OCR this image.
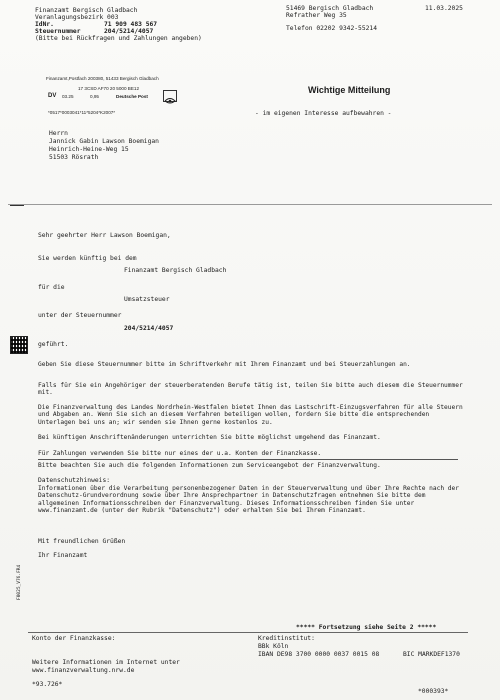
Finanzamt Bergisch Gladbach
Veranlagungsbezirk 003
IdNr.	71 909 483 567
Steuernummer	204/5214/4057
(Bitte bei Rückfragen und Zahlungen angeben)
51469 Bergisch Gladbach
Refrather Weg 35
Telefon 02202 9342-55214
11.03.2025
Finanzamt,Postfach 200380, 51433 Bergisch Gladbach
17 3CSD AF70 20 5000 BE12
DV 03.25	0,95	Deutsche Post
*0517*0003041*11*5204*K2007*
Wichtige Mitteilung
- im eigenen Interesse aufbewahren -
Herrn
Jannick Gabin Lawson Boemigan
Heinrich-Heine-Weg 15
51503 Rösrath
Sehr geehrter Herr Lawson Boemigan,
Sie werden künftig bei dem
Finanzamt Bergisch Gladbach
für die
Umsatzsteuer
unter der Steuernummer
204/5214/4057
geführt.
Geben Sie diese Steuernummer bitte im Schriftverkehr mit Ihrem Finanzamt und bei Steuerzahlungen an.
Falls für Sie ein Angehöriger der steuerberatenden Berufe tätig ist, teilen Sie bitte auch diesem die Steuernummer mit.
Die Finanzverwaltung des Landes Nordrhein-Westfalen bietet Ihnen das Lastschrift-Einzugsverfahren für alle Steuern und Abgaben an. Wenn Sie sich an diesem Verfahren beteiligen wollen, fordern Sie bitte die entsprechenden Unterlagen bei uns an; wir senden sie Ihnen gerne kostenlos zu.
Bei künftigen Anschriftenänderungen unterrichten Sie bitte möglichst umgehend das Finanzamt.
Für Zahlungen verwenden Sie bitte nur eines der u.a. Konten der Finanzkasse.
Bitte beachten Sie auch die folgenden Informationen zum Serviceangebot der Finanzverwaltung.
Datenschutzhinweis:
Informationen über die Verarbeitung personenbezogener Daten in der Steuerverwaltung und über Ihre Rechte nach der Datenschutz-Grundverordnung sowie über Ihre Ansprechpartner in Datenschutzfragen entnehmen Sie bitte dem allgemeinen Informationsschreiben der Finanzverwaltung. Dieses Informationsschreiben finden Sie unter www.finanzamt.de (unter der Rubrik "Datenschutz") oder erhalten Sie bei Ihrem Finanzamt.
Mit freundlichen Grüßen
Ihr Finanzamt
F0025_V76.FR4
***** Fortsetzung siehe Seite 2 *****
Konto der Finanzkasse:	Kreditinstitut:
BBk Köln
IBAN DE98 3700 0000 0037 0015 08	BIC MARKDEF1370
Weitere Informationen im Internet unter
www.finanzverwaltung.nrw.de
*93.726*
*000393*
